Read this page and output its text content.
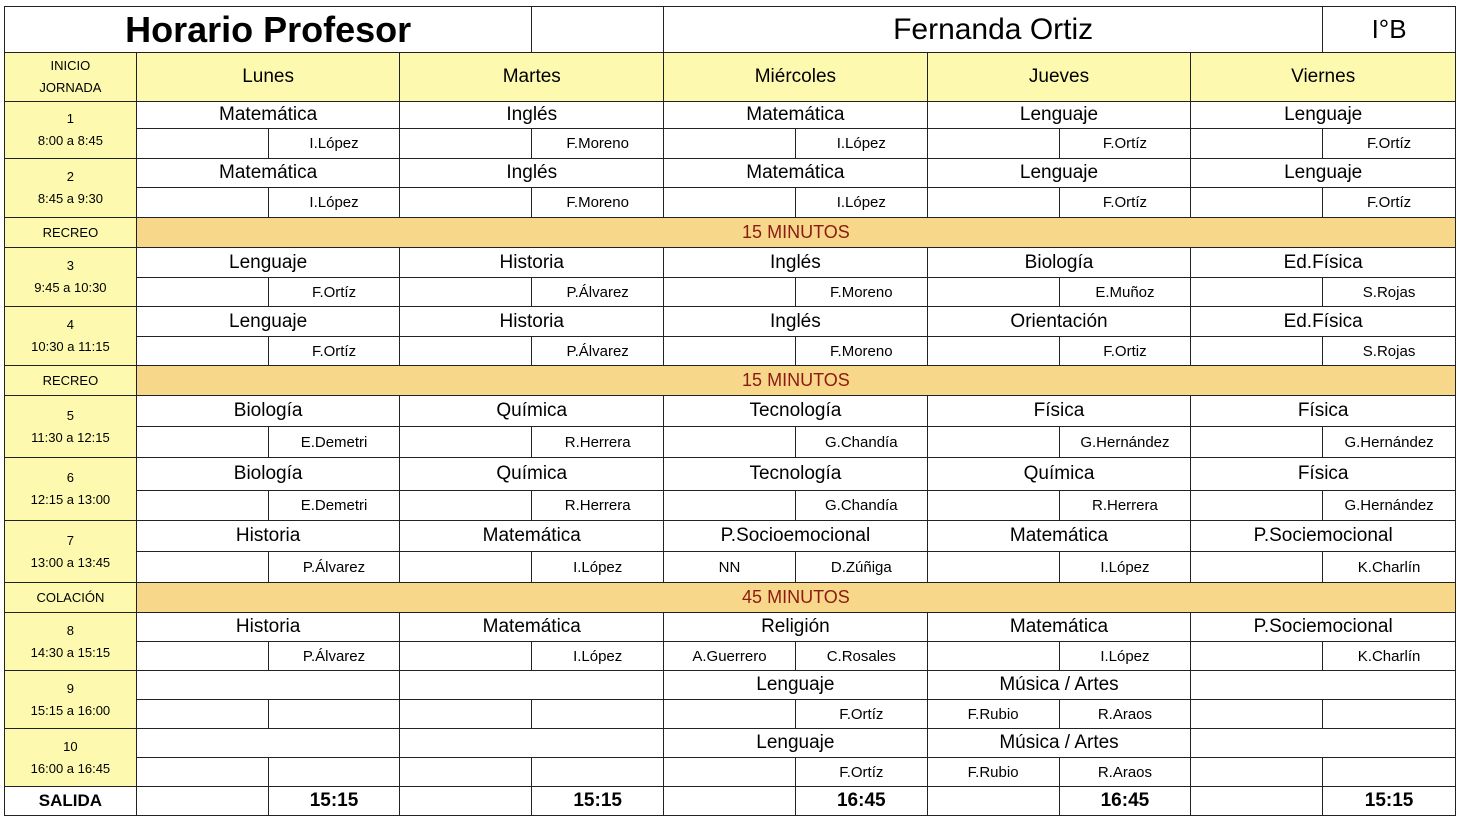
Horario Profesor					Fernanda Ortiz					I°B

INICIO
JORNADA	Lunes		Martes		Miércoles		Jueves		Viernes	

1
8:00 a 8:45	Matemática		Inglés		Matemática		Lenguaje		Lenguaje	
		I.López		F.Moreno		I.López		F.Ortíz		F.Ortíz

2
8:45 a 9:30	Matemática		Inglés		Matemática		Lenguaje		Lenguaje	
		I.López		F.Moreno		I.López		F.Ortíz		F.Ortíz
RECREO	15 MINUTOS									

3
9:45 a 10:30	Lenguaje		Historia		Inglés		Biología		Ed.Física	
		F.Ortíz		P.Álvarez		F.Moreno		E.Muñoz		S.Rojas

4
10:30 a 11:15	Lenguaje		Historia		Inglés		Orientación		Ed.Física	
		F.Ortíz		P.Álvarez		F.Moreno		F.Ortiz		S.Rojas
RECREO	15 MINUTOS									

5
11:30 a 12:15	Biología		Química		Tecnología		Física		Física	
		E.Demetri		R.Herrera		G.Chandía		G.Hernández		G.Hernández

6
12:15 a 13:00	Biología		Química		Tecnología		Química		Física	
		E.Demetri		R.Herrera		G.Chandía		R.Herrera		G.Hernández

7
13:00 a 13:45	Historia		Matemática		P.Socioemocional		Matemática		P.Sociemocional	
		P.Álvarez		I.López	NN	D.Zúñiga		I.López		K.Charlín
COLACIÓN	45 MINUTOS									

8
14:30 a 15:15	Historia		Matemática		Religión		Matemática		P.Sociemocional	
		P.Álvarez		I.López	A.Guerrero	C.Rosales		I.López		K.Charlín

9
15:15 a 16:00					Lenguaje		Música / Artes			
						F.Ortíz	F.Rubio	R.Araos		

10
16:00 a 16:45					Lenguaje		Música / Artes			
						F.Ortíz	F.Rubio	R.Araos		
SALIDA		15:15		15:15		16:45		16:45		15:15
